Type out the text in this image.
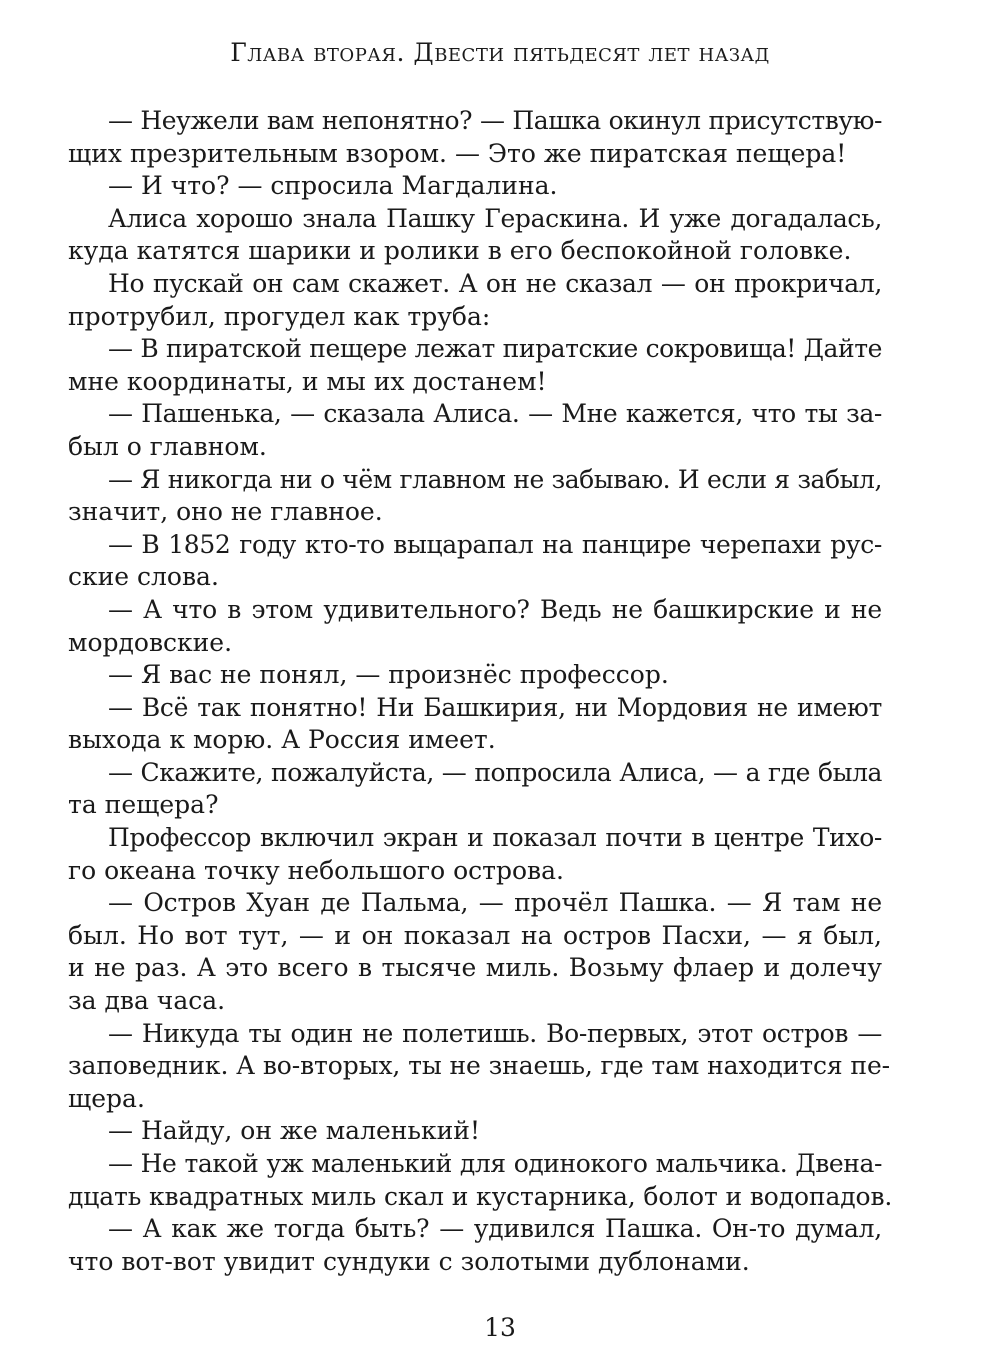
Глава вторая. Двести пятьдесят лет назад
— Неужели вам непонятно? — Пашка окинул присутствую-
щих презрительным взором. — Это же пиратская пещера!
— И что? — спросила Магдалина.
Алиса хорошо знала Пашку Гераскина. И уже догадалась,
куда катятся шарики и ролики в его беспокойной головке.
Но пускай он сам скажет. А он не сказал — он прокричал,
протрубил, прогудел как труба:
— В пиратской пещере лежат пиратские сокровища! Дайте
мне координаты, и мы их достанем!
— Пашенька, — сказала Алиса. — Мне кажется, что ты за-
был о главном.
— Я никогда ни о чём главном не забываю. И если я забыл,
значит, оно не главное.
— В 1852 году кто-то выцарапал на панцире черепахи рус-
ские слова.
— А что в этом удивительного? Ведь не башкирские и не
мордовские.
— Я вас не понял, — произнёс профессор.
— Всё так понятно! Ни Башкирия, ни Мордовия не имеют
выхода к морю. А Россия имеет.
— Скажите, пожалуйста, — попросила Алиса, — а где была
та пещера?
Профессор включил экран и показал почти в центре Тихо-
го океана точку небольшого острова.
— Остров Хуан де Пальма, — прочёл Пашка. — Я там не
был. Но вот тут, — и он показал на остров Пасхи, — я был,
и не раз. А это всего в тысяче миль. Возьму флаер и долечу
за два часа.
— Никуда ты один не полетишь. Во-первых, этот остров —
заповедник. А во-вторых, ты не знаешь, где там находится пе-
щера.
— Найду, он же маленький!
— Не такой уж маленький для одинокого мальчика. Двена-
дцать квадратных миль скал и кустарника, болот и водопадов.
— А как же тогда быть? — удивился Пашка. Он-то думал,
что вот-вот увидит сундуки с золотыми дублонами.
13
